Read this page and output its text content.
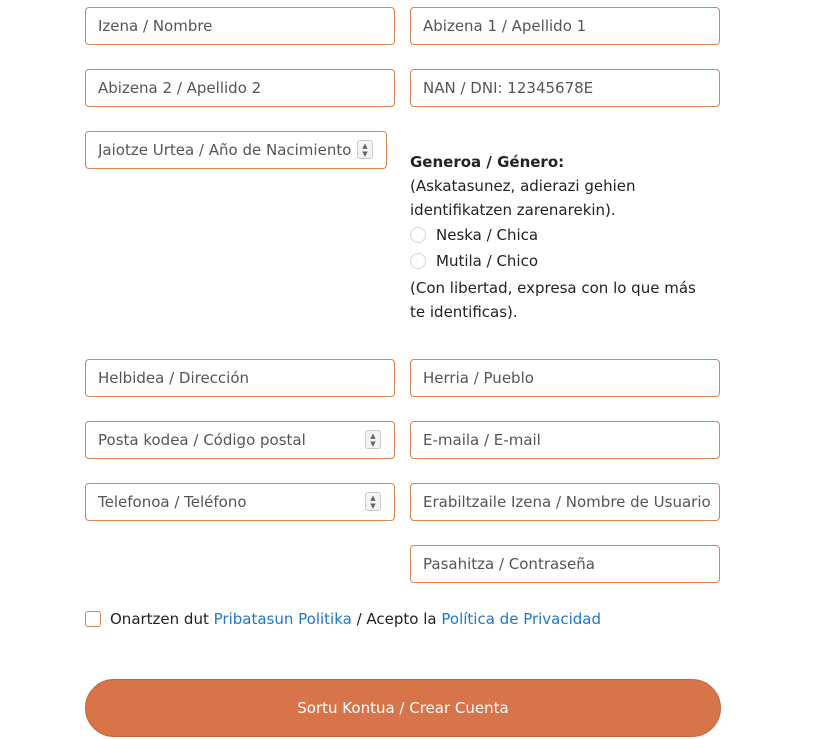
Izena / Nombre
Abizena 1 / Apellido 1
Abizena 2 / Apellido 2
NAN / DNI: 12345678E
Jaiotze Urtea / Año de Nacimiento
▲
▼	Generoa / Género:
(Askatasunez, adierazi gehien identifikatzen zarenarekin).
Neska / Chica
Mutila / Chico
(Con libertad, expresa con lo que más te identificas).
Helbidea / Dirección
Herria / Pueblo
Posta kodea / Código postal
▲
▼
E-maila / E-mail
Telefonoa / Teléfono
▲
▼
Erabiltzaile Izena / Nombre de Usuario
Onartzen dut
Pribatasun Politika
/ Acepto la
Política de Privacidad
Sortu Kontua / Crear Cuenta
